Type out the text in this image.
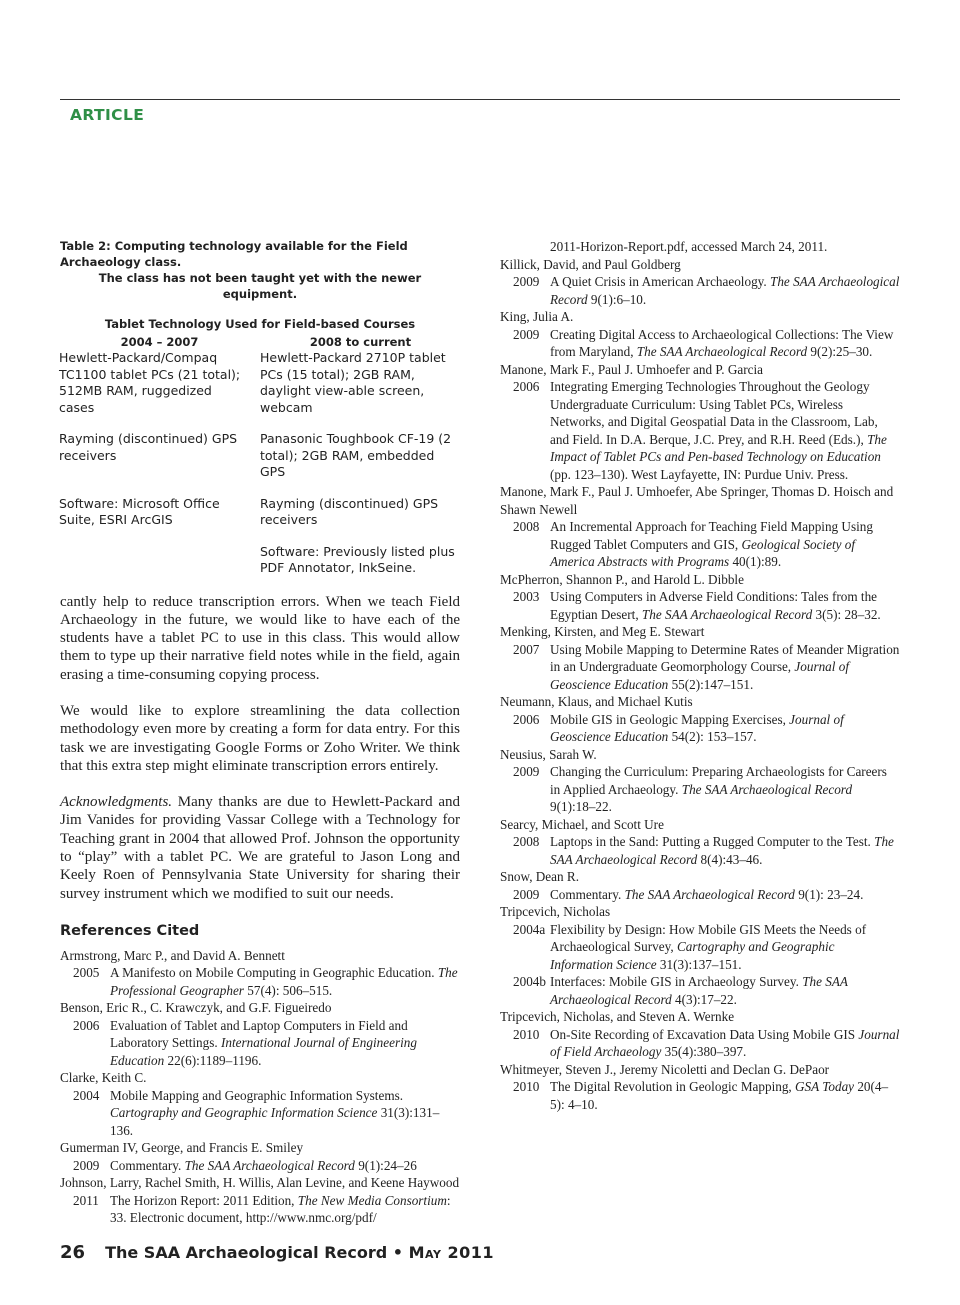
ARTICLE
Table 2: Computing technology available for the Field Archaeology class.
The class has not been taught yet with the newer equipment.
Tablet Technology Used for Field-based Courses
2004 – 2007	2008 to current
Hewlett-Packard/Compaq TC1100 tablet PCs (21 total); 512MB RAM, ruggedized cases	Hewlett-Packard 2710P tablet PCs (15 total); 2GB RAM, daylight view-able screen, webcam
Rayming (discontinued) GPS receivers	Panasonic Toughbook CF-19 (2 total); 2GB RAM, embedded GPS
Software: Microsoft Office Suite, ESRI ArcGIS	Rayming (discontinued) GPS receivers
	Software: Previously listed plus PDF Annotator, InkSeine.

cantly help to reduce transcription errors. When we teach Field Archaeology in the future, we would like to have each of the students have a tablet PC to use in this class. This would allow them to type up their narrative field notes while in the field, again erasing a time-consuming copying process.

We would like to explore streamlining the data collection methodology even more by creating a form for data entry. For this task we are investigating Google Forms or Zoho Writer. We think that this extra step might eliminate transcription errors entirely.

Acknowledgments. Many thanks are due to Hewlett-Packard and Jim Vanides for providing Vassar College with a Technology for Teaching grant in 2004 that allowed Prof. Johnson the opportunity to “play” with a tablet PC. We are grateful to Jason Long and Keely Roen of Pennsylvania State University for sharing their survey instrument which we modified to suit our needs.

References Cited
Armstrong, Marc P., and David A. Bennett
2005 A Manifesto on Mobile Computing in Geographic Education. The Professional Geographer 57(4): 506–515.
Benson, Eric R., C. Krawczyk, and G.F. Figueiredo
2006 Evaluation of Tablet and Laptop Computers in Field and Laboratory Settings. International Journal of Engineering Education 22(6):1189–1196.
Clarke, Keith C.
2004 Mobile Mapping and Geographic Information Systems. Cartography and Geographic Information Science 31(3):131–136.
Gumerman IV, George, and Francis E. Smiley
2009 Commentary. The SAA Archaeological Record 9(1):24–26
Johnson, Larry, Rachel Smith, H. Willis, Alan Levine, and Keene Haywood
2011 The Horizon Report: 2011 Edition, The New Media Consortium: 33. Electronic document, http://www.nmc.org/pdf/
2011-Horizon-Report.pdf, accessed March 24, 2011.
Killick, David, and Paul Goldberg
2009 A Quiet Crisis in American Archaeology. The SAA Archaeological Record 9(1):6–10.
King, Julia A.
2009 Creating Digital Access to Archaeological Collections: The View from Maryland, The SAA Archaeological Record 9(2):25–30.
Manone, Mark F., Paul J. Umhoefer and P. Garcia
2006 Integrating Emerging Technologies Throughout the Geology Undergraduate Curriculum: Using Tablet PCs, Wireless Networks, and Digital Geospatial Data in the Classroom, Lab, and Field. In D.A. Berque, J.C. Prey, and R.H. Reed (Eds.), The Impact of Tablet PCs and Pen-based Technology on Education (pp. 123–130). West Layfayette, IN: Purdue Univ. Press.
Manone, Mark F., Paul J. Umhoefer, Abe Springer, Thomas D. Hoisch and Shawn Newell
2008 An Incremental Approach for Teaching Field Mapping Using Rugged Tablet Computers and GIS, Geological Society of America Abstracts with Programs 40(1):89.
McPherron, Shannon P., and Harold L. Dibble
2003 Using Computers in Adverse Field Conditions: Tales from the Egyptian Desert, The SAA Archaeological Record 3(5): 28–32.
Menking, Kirsten, and Meg E. Stewart
2007 Using Mobile Mapping to Determine Rates of Meander Migration in an Undergraduate Geomorphology Course, Journal of Geoscience Education 55(2):147–151.
Neumann, Klaus, and Michael Kutis
2006 Mobile GIS in Geologic Mapping Exercises, Journal of Geoscience Education 54(2): 153–157.
Neusius, Sarah W.
2009 Changing the Curriculum: Preparing Archaeologists for Careers in Applied Archaeology. The SAA Archaeological Record 9(1):18–22.
Searcy, Michael, and Scott Ure
2008 Laptops in the Sand: Putting a Rugged Computer to the Test. The SAA Archaeological Record 8(4):43–46.
Snow, Dean R.
2009 Commentary. The SAA Archaeological Record 9(1): 23–24.
Tripcevich, Nicholas
2004a Flexibility by Design: How Mobile GIS Meets the Needs of Archaeological Survey, Cartography and Geographic Information Science 31(3):137–151.
2004b Interfaces: Mobile GIS in Archaeology Survey. The SAA Archaeological Record 4(3):17–22.
Tripcevich, Nicholas, and Steven A. Wernke
2010 On-Site Recording of Excavation Data Using Mobile GIS Journal of Field Archaeology 35(4):380–397.
Whitmeyer, Steven J., Jeremy Nicoletti and Declan G. DePaor
2010 The Digital Revolution in Geologic Mapping, GSA Today 20(4–5): 4–10.
26 The SAA Archaeological Record • May 2011
